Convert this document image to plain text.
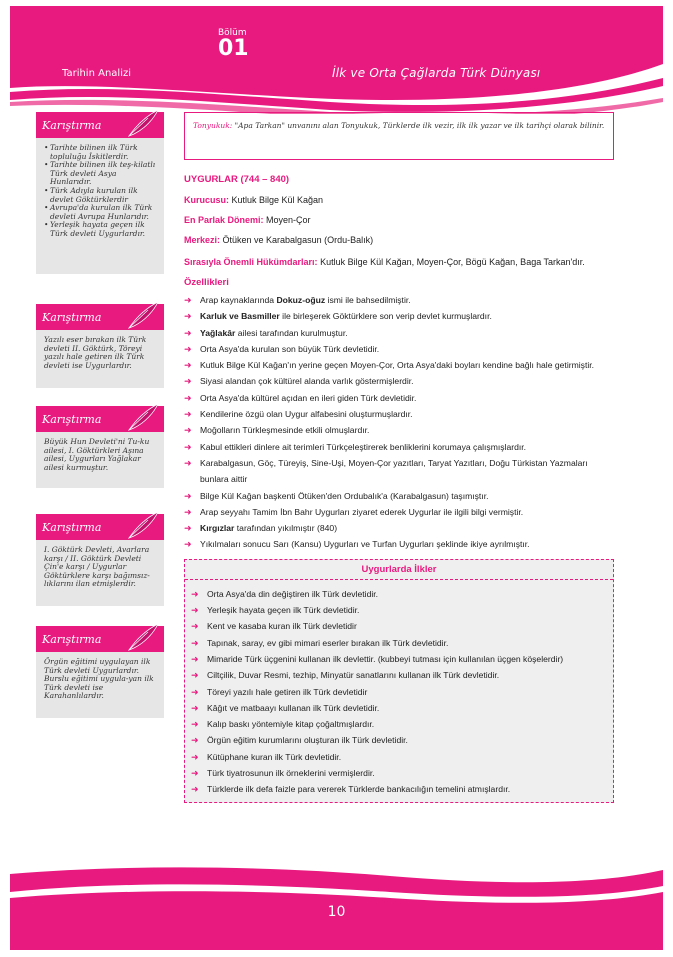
Bölüm
01
Tarihin Analizi	İlk ve Orta Çağlarda Türk Dünyası
Karıştırma
• Tarihte bilinen ilk Türk topluluğu İskitlerdir.
• Tarihte bilinen ilk teş-kilatlı Türk devleti Asya Hunlarıdır.
• Türk Adıyla kurulan ilk devlet Göktürklerdir
• Avrupa'da kurulan ilk Türk devleti Avrupa Hunlarıdır.
• Yerleşik hayata geçen ilk Türk devleti Uygurlardır.
Karıştırma
Yazılı eser bırakan ilk Türk devleti II. Göktürk, Töreyi yazılı hale getiren ilk Türk devleti ise Uygurlardır.
Karıştırma
Büyük Hun Devleti'ni Tu-ku ailesi, I. Göktürkleri Aşına ailesi, Uygurları Yağlakar ailesi kurmuştur.
Karıştırma
I. Göktürk Devleti, Avarlara karşı / II. Göktürk Devleti Çin'e karşı / Uygurlar Göktürklere karşı bağımsız-lıklarını ilan etmişlerdir.
Karıştırma
Örgün eğitimi uygulayan ilk Türk devleti Uygurlardır. Burslu eğitimi uygula-yan ilk Türk devleti ise Karahanlılardır.
Tonyukuk: "Apa Tarkan" unvanını alan Tonyukuk, Türklerde ilk vezir, ilk ilk yazar ve ilk tarihçi olarak bilinir.
UYGURLAR (744 – 840)
Kurucusu: Kutluk Bilge Kül Kağan
En Parlak Dönemi: Moyen-Çor
Merkezi: Ötüken ve Karabalgasun (Ordu-Balık)
Sırasıyla Önemli Hükümdarları: Kutluk Bilge Kül Kağan, Moyen-Çor, Bögü Kağan, Baga Tarkan'dır.
Özellikleri
➜ Arap kaynaklarında Dokuz-oğuz ismi ile bahsedilmiştir.
➜ Karluk ve Basmiller ile birleşerek Göktürklere son verip devlet kurmuşlardır.
➜ Yağlakâr ailesi tarafından kurulmuştur.
➜ Orta Asya'da kurulan son büyük Türk devletidir.
➜ Kutluk Bilge Kül Kağan'ın yerine geçen Moyen-Çor, Orta Asya'daki boyları kendine bağlı hale getirmiştir.
➜ Siyasi alandan çok kültürel alanda varlık göstermişlerdir.
➜ Orta Asya'da kültürel açıdan en ileri giden Türk devletidir.
➜ Kendilerine özgü olan Uygur alfabesini oluşturmuşlardır.
➜ Moğolların Türkleşmesinde etkili olmuşlardır.
➜ Kabul ettikleri dinlere ait terimleri Türkçeleştirerek benliklerini korumaya çalışmışlardır.
➜ Karabalgasun, Göç, Türeyiş, Sine-Uşi, Moyen-Çor yazıtları, Taryat Yazıtları, Doğu Türkistan Yazmaları bunlara aittir
➜ Bilge Kül Kağan başkenti Ötüken'den Ordubalık'a (Karabalgasun) taşımıştır.
➜ Arap seyyahı Tamim İbn Bahr Uygurları ziyaret ederek Uygurlar ile ilgili bilgi vermiştir.
➜ Kırgızlar tarafından yıkılmıştır (840)
➜ Yıkılmaları sonucu Sarı (Kansu) Uygurları ve Turfan Uygurları şeklinde ikiye ayrılmıştır.
Uygurlarda İlkler
➜ Orta Asya'da din değiştiren ilk Türk devletidir.
➜ Yerleşik hayata geçen ilk Türk devletidir.
➜ Kent ve kasaba kuran ilk Türk devletidir
➜ Tapınak, saray, ev gibi mimari eserler bırakan ilk Türk devletidir.
➜ Mimaride Türk üçgenini kullanan ilk devlettir. (kubbeyi tutması için kullanılan üçgen köşelerdir)
➜ Ciltçilik, Duvar Resmi, tezhip, Minyatür sanatlarını kullanan ilk Türk devletidir.
➜ Töreyi yazılı hale getiren ilk Türk devletidir
➜ Kâğıt ve matbaayı kullanan ilk Türk devletidir.
➜ Kalıp baskı yöntemiyle kitap çoğaltmışlardır.
➜ Örgün eğitim kurumlarını oluşturan ilk Türk devletidir.
➜ Kütüphane kuran ilk Türk devletidir.
➜ Türk tiyatrosunun ilk örneklerini vermişlerdir.
➜ Türklerde ilk defa faizle para vererek Türklerde bankacılığın temelini atmışlardır.
10
